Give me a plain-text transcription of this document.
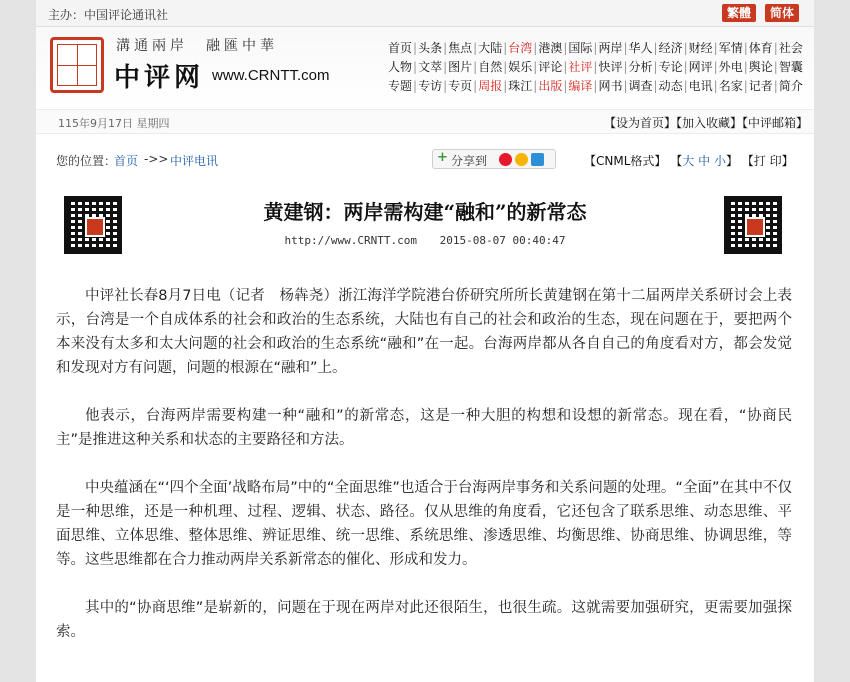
主办：中国评论通讯社	繁體	简体
溝通兩岸　融匯中華
中评网 www.CRNTT.com
首页|头条|焦点|大陆|台湾|港澳|国际|两岸|华人|经济|财经|军情|体育|社会
人物|文萃|图片|自然|娱乐|评论|社评|快评|分析|专论|网评|外电|舆论|智囊
专题|专访|专页|周报|珠江|出版|编译|网书|调查|动态|电讯|名家|记者|简介
115年9月17日 星期四	【设为首页】【加入收藏】【中评邮箱】
您的位置：
首页 ->> 中评电讯	+ 分享到	【CNML格式】 【大 中 小】 【打 印】
黄建钢：两岸需构建“融和”的新常态
http://www.CRNTT.com 2015-08-07 00:40:47

中评社长春8月7日电（记者　杨犇尧）浙江海洋学院港台侨研究所所长黄建钢在第十二届两岸关系研讨会上表示，台湾是一个自成体系的社会和政治的生态系统，大陆也有自己的社会和政治的生态，现在问题在于，要把两个本来没有太多和太大问题的社会和政治的生态系统“融和”在一起。台海两岸都从各自自己的角度看对方，都会发觉和发现对方有问题，问题的根源在“融和”上。

他表示，台海两岸需要构建一种“融和”的新常态，这是一种大胆的构想和设想的新常态。现在看，“协商民主”是推进这种关系和状态的主要路径和方法。

中央蕴涵在“‘四个全面’战略布局”中的“全面思维”也适合于台海两岸事务和关系问题的处理。“全面”在其中不仅是一种思维，还是一种机理、过程、逻辑、状态、路径。仅从思维的角度看，它还包含了联系思维、动态思维、平面思维、立体思维、整体思维、辨证思维、统一思维、系统思维、渗透思维、均衡思维、协商思维、协调思维，等等。这些思维都在合力推动两岸关系新常态的催化、形成和发力。

其中的“协商思维”是崭新的，问题在于现在两岸对此还很陌生，也很生疏。这就需要加强研究，更需要加强探索。
